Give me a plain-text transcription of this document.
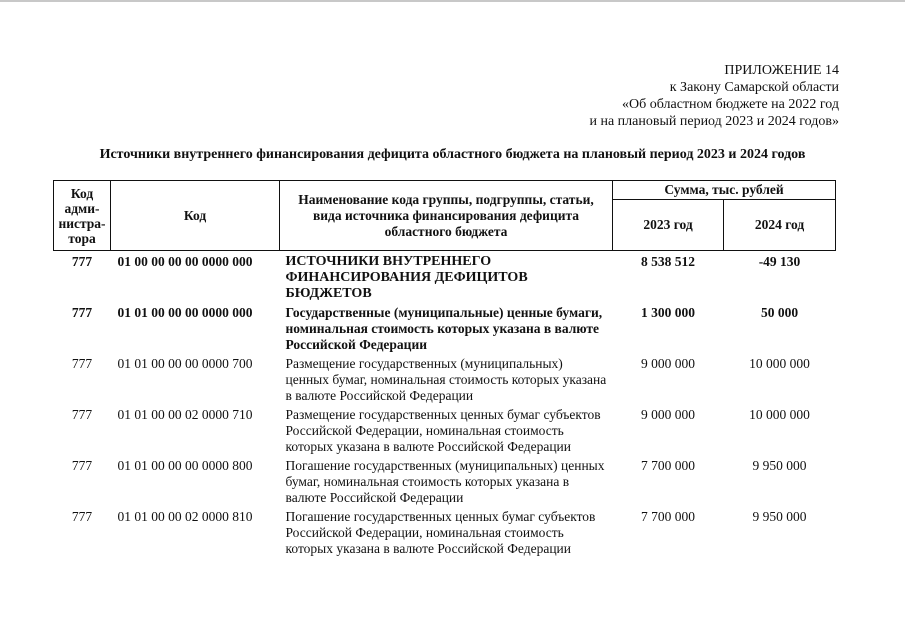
ПРИЛОЖЕНИЕ 14
к Закону Самарской области
«Об областном бюджете на 2022 год
и на плановый период 2023 и 2024 годов»
Источники внутреннего финансирования дефицита областного бюджета на плановый период 2023 и 2024 годов
Код
адми-
нистра-
тора	Код	Наименование кода группы, подгруппы, статьи, вида источника финансирования дефицита областного бюджета	Сумма, тыс. рублей	
			2023 год	2024 год
777	01 00 00 00 00 0000 000	ИСТОЧНИКИ ВНУТРЕННЕГО ФИНАНСИРОВАНИЯ ДЕФИЦИТОВ БЮДЖЕТОВ	8 538 512	-49 130
777	01 01 00 00 00 0000 000	Государственные (муниципальные) ценные бумаги, номинальная стоимость которых указана в валюте Российской Федерации	1 300 000	50 000
777	01 01 00 00 00 0000 700	Размещение государственных (муниципальных) ценных бумаг, номинальная стоимость которых указана в валюте Российской Федерации	9 000 000	10 000 000
777	01 01 00 00 02 0000 710	Размещение государственных ценных бумаг субъектов Российской Федерации, номинальная стоимость которых указана в валюте Российской Федерации	9 000 000	10 000 000
777	01 01 00 00 00 0000 800	Погашение государственных (муниципальных) ценных бумаг, номинальная стоимость которых указана в валюте Российской Федерации	7 700 000	9 950 000
777	01 01 00 00 02 0000 810	Погашение государственных ценных бумаг субъектов Российской Федерации, номинальная стоимость которых указана в валюте Российской Федерации	7 700 000	9 950 000
